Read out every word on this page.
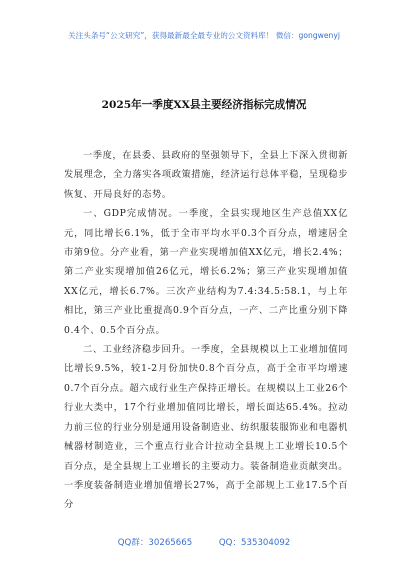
关注头条号“公文研究”，获得最新最全最专业的公文资料库！ 微信：gongwenyj
2025年一季度XX县主要经济指标完成情况

一季度，在县委、县政府的坚强领导下，全县上下深入贯彻新发展理念，全力落实各项政策措施，经济运行总体平稳，呈现稳步恢复、开局良好的态势。

一、GDP完成情况。一季度，全县实现地区生产总值XX亿元，同比增长6.1%，低于全市平均水平0.3个百分点，增速居全市第9位。分产业看，第一产业实现增加值XX亿元，增长2.4%；第二产业实现增加值26亿元，增长6.2%；第三产业实现增加值XX亿元，增长6.7%。三次产业结构为7.4:34.5:58.1，与上年相比，第三产业比重提高0.9个百分点，一产、二产比重分别下降0.4个、0.5个百分点。

二、工业经济稳步回升。一季度，全县规模以上工业增加值同比增长9.5%，较1-2月份加快0.8个百分点，高于全市平均增速0.7个百分点。超六成行业生产保持正增长。在规模以上工业26个行业大类中，17个行业增加值同比增长，增长面达65.4%。拉动力前三位的行业分别是通用设备制造业、纺织服装服饰业和电器机械器材制造业，三个重点行业合计拉动全县规上工业增长10.5个百分点，是全县规上工业增长的主要动力。装备制造业贡献突出。一季度装备制造业增加值增长27%，高于全部规上工业17.5个百分

QQ群：30265665	QQ：535304092
